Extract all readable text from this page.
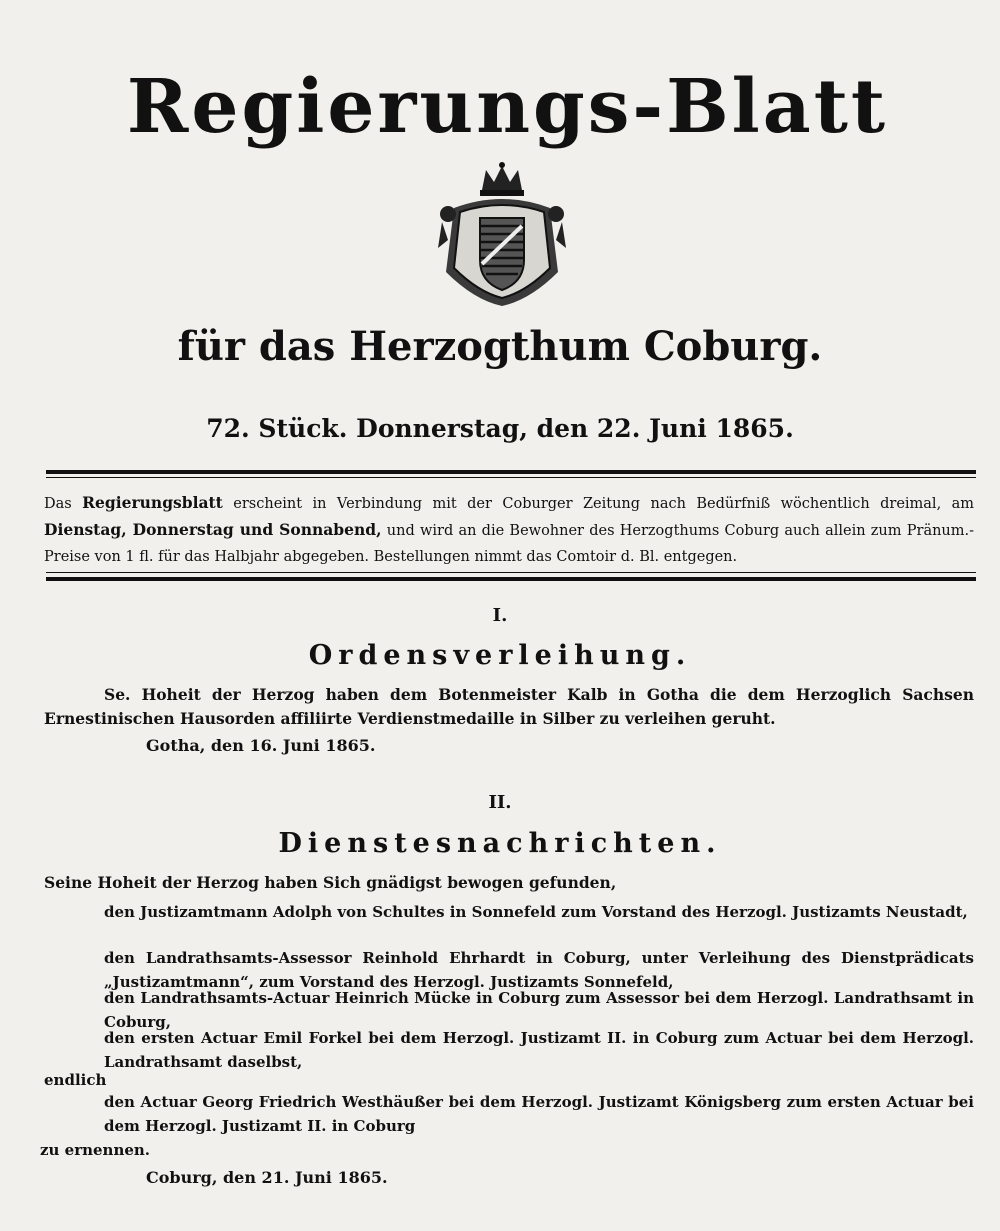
Regierungs-Blatt
für das Herzogthum Coburg.
72. Stück. Donnerstag, den 22. Juni 1865.
Das Regierungsblatt erscheint in Verbindung mit der Coburger Zeitung nach Bedürfniß wöchentlich dreimal, am Dienstag, Donnerstag und Sonnabend, und wird an die Bewohner des Herzogthums Coburg auch allein zum Pränum.-Preise von 1 fl. für das Halbjahr abgegeben. Bestellungen nimmt das Comtoir d. Bl. entgegen.
I.
Ordensverleihung.
Se. Hoheit der Herzog haben dem Botenmeister Kalb in Gotha die dem Herzoglich Sachsen Ernestinischen Hausorden affiliirte Verdienstmedaille in Silber zu verleihen geruht.
Gotha, den 16. Juni 1865.
II.
Dienstesnachrichten.
Seine Hoheit der Herzog haben Sich gnädigst bewogen gefunden,
den Justizamtmann Adolph von Schultes in Sonnefeld zum Vorstand des Herzogl. Justizamts Neustadt,
den Landrathsamts-Assessor Reinhold Ehrhardt in Coburg, unter Verleihung des Dienstprädicats „Justizamtmann“, zum Vorstand des Herzogl. Justizamts Sonnefeld,
den Landrathsamts-Actuar Heinrich Mücke in Coburg zum Assessor bei dem Herzogl. Landrathsamt in Coburg,
den ersten Actuar Emil Forkel bei dem Herzogl. Justizamt II. in Coburg zum Actuar bei dem Herzogl. Landrathsamt daselbst,
endlich
den Actuar Georg Friedrich Westhäußer bei dem Herzogl. Justizamt Königsberg zum ersten Actuar bei dem Herzogl. Justizamt II. in Coburg
zu ernennen.
Coburg, den 21. Juni 1865.
